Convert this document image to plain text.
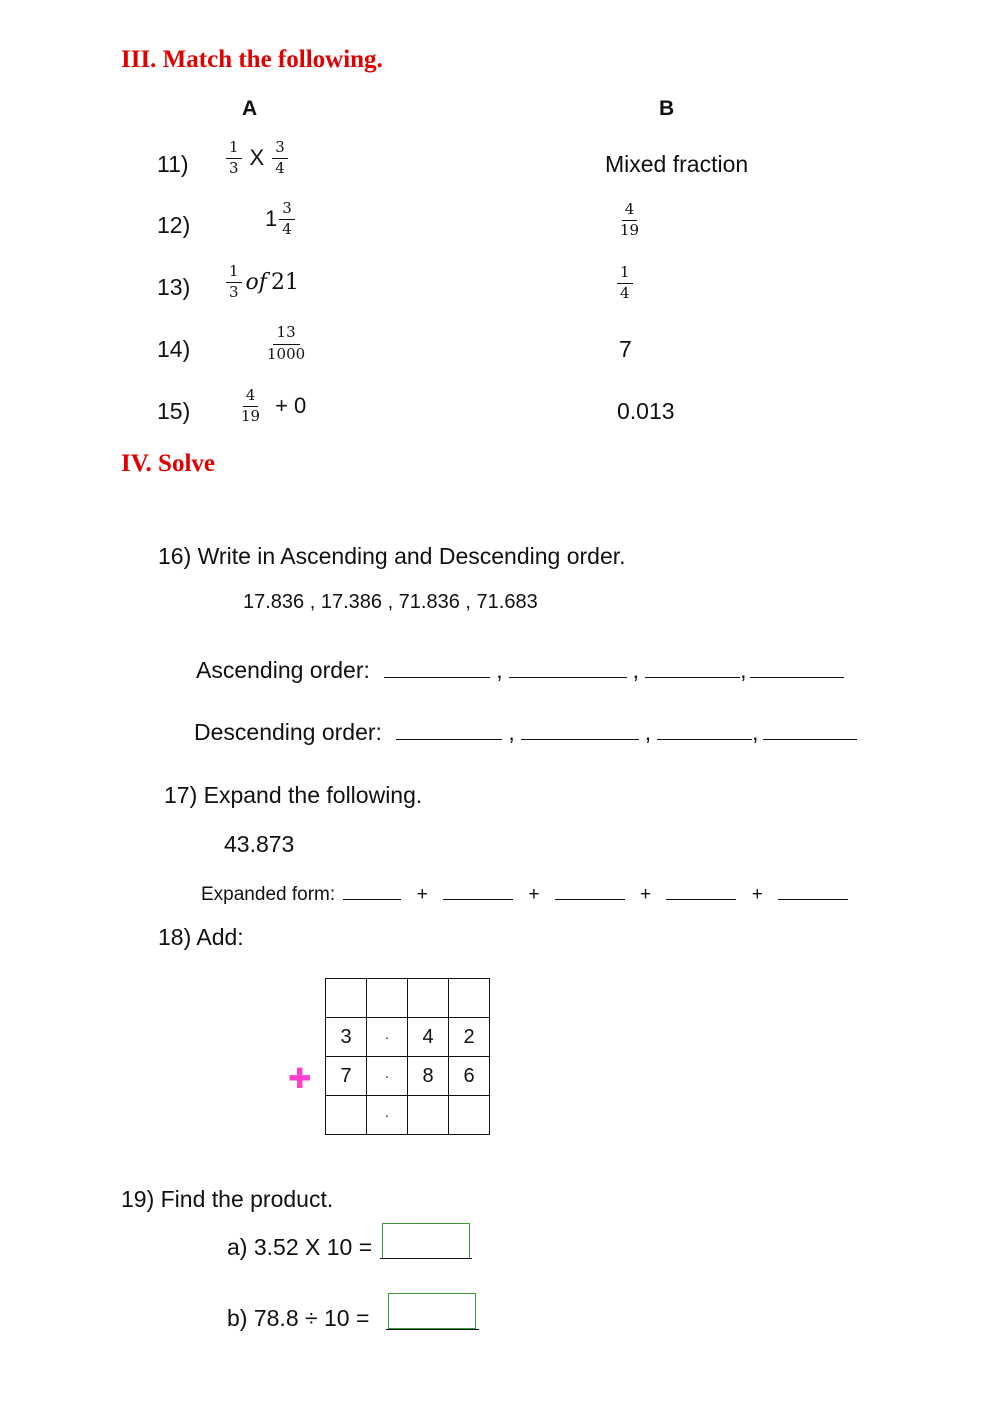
III. Match the following.
A	B
$11) \frac{1}{3}$ X $\frac{3}{4}$	Mixed fraction
12)	$1 \frac{3}{4}$	$\frac{4}{19}$
$13) \frac{1}{3}$ of 21	$\frac{1}{4}$
14)	$\frac{13}{1000}$	7
15)	$\frac{4}{19} + 0$	0.013
IV. Solve
16) Write in Ascending and Descending order.
17.836 , 17.386 , 71.836 , 71.683
Ascending order:	,	,	,
Descending order:	,	,	,
17) Expand the following.
43.873
Expanded form:	+	+	+	+
18) Add:
✚

3	·	4	2
7	·	8	6
	·		
19) Find the product.
a) 3.52 X 10 =
b) 78.8 ÷ 10 =
